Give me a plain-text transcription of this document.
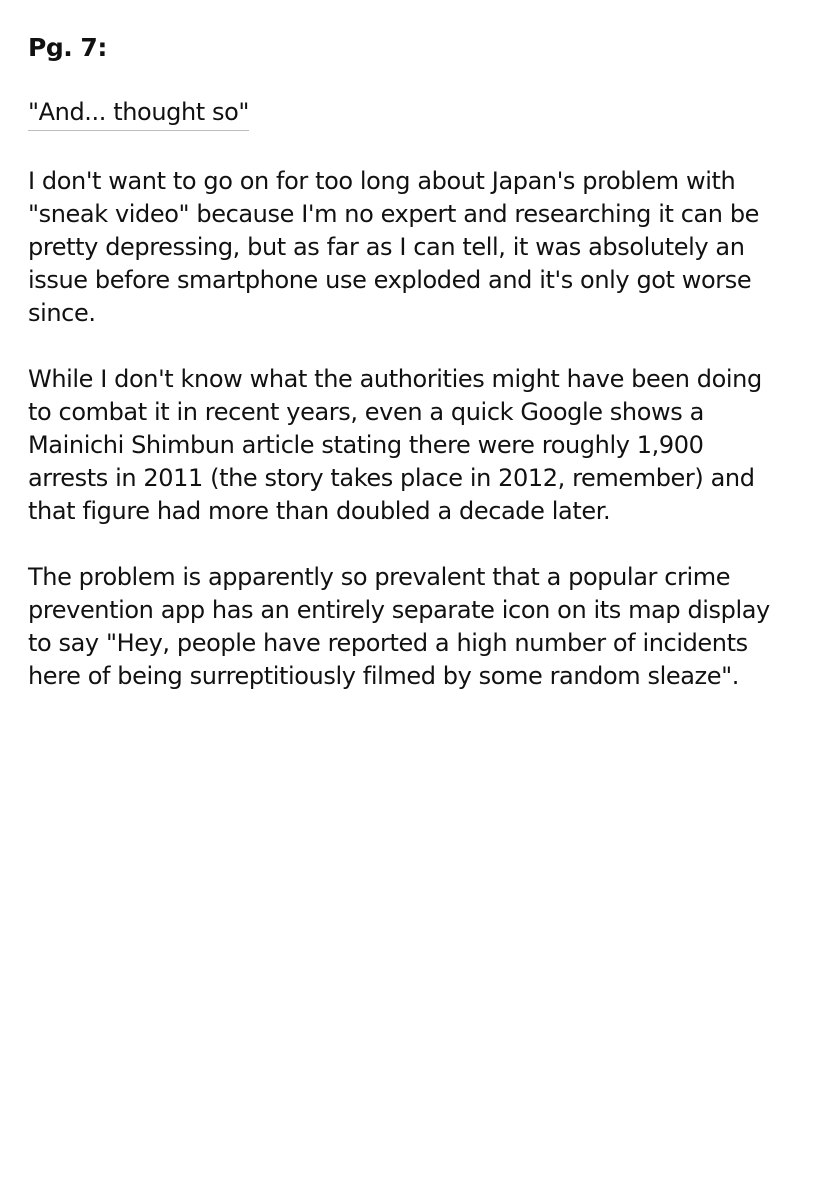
Pg. 7:
"And... thought so"

I don't want to go on for too long about Japan's problem with
"sneak video" because I'm no expert and researching it can be
pretty depressing, but as far as I can tell, it was absolutely an
issue before smartphone use exploded and it's only got worse
since.

While I don't know what the authorities might have been doing
to combat it in recent years, even a quick Google shows a
Mainichi Shimbun article stating there were roughly 1,900
arrests in 2011 (the story takes place in 2012, remember) and
that figure had more than doubled a decade later.

The problem is apparently so prevalent that a popular crime
prevention app has an entirely separate icon on its map display
to say "Hey, people have reported a high number of incidents
here of being surreptitiously filmed by some random sleaze".
